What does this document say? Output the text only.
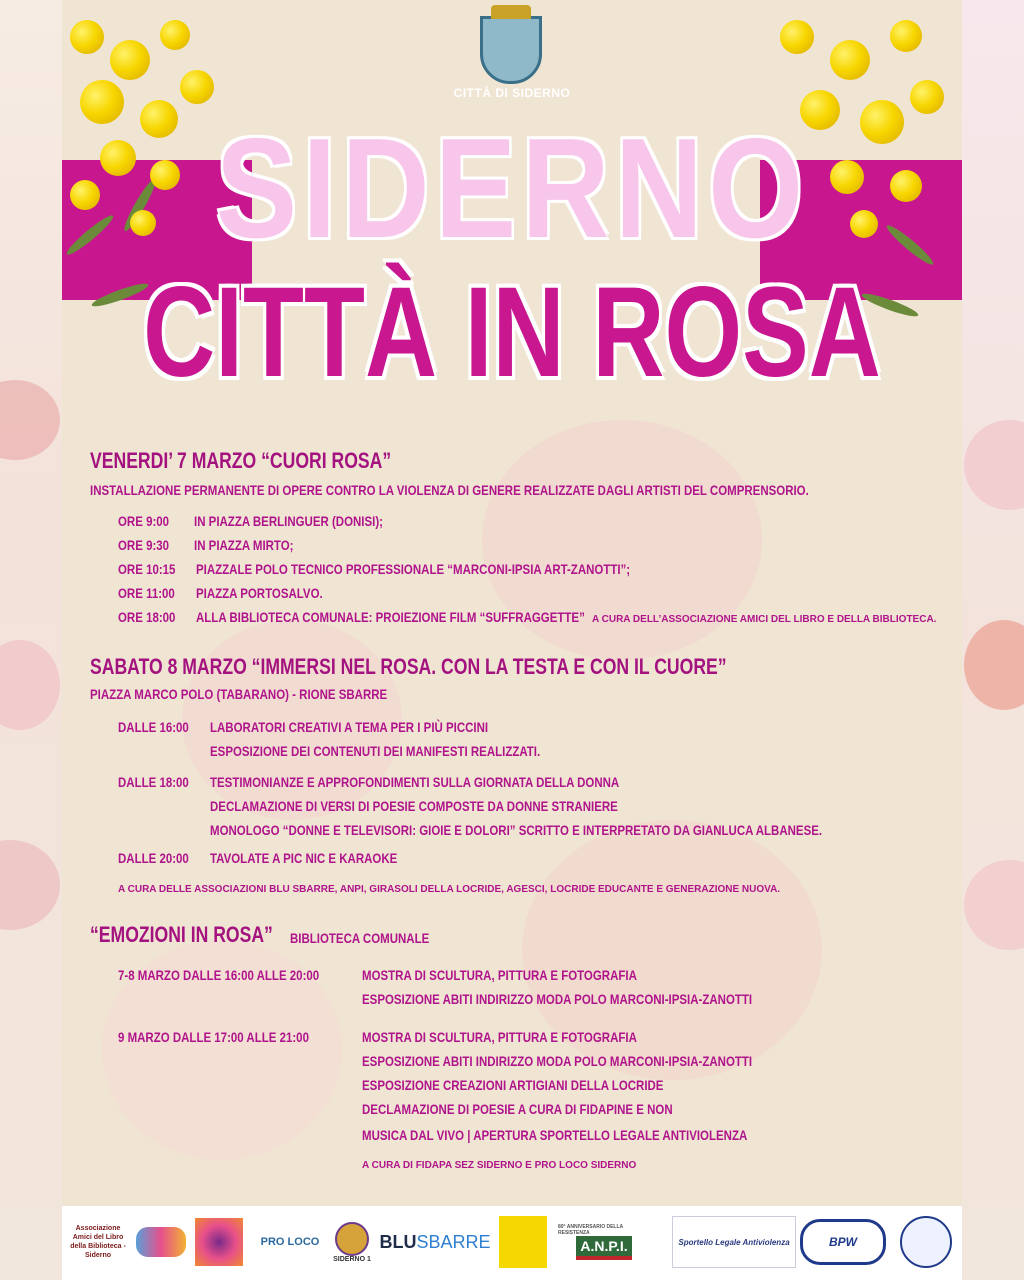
CITTÀ DI SIDERNO
SIDERNO
CITTÀ IN ROSA
VENERDI’ 7 MARZO “CUORI ROSA”
INSTALLAZIONE PERMANENTE DI OPERE CONTRO LA VIOLENZA DI GENERE REALIZZATE DAGLI ARTISTI DEL COMPRENSORIO.
ORE 9:00 IN PIAZZA BERLINGUER (DONISI);
ORE 9:30 IN PIAZZA MIRTO;
ORE 10:15 PIAZZALE POLO TECNICO PROFESSIONALE “MARCONI-IPSIA ART-ZANOTTI”;
ORE 11:00 PIAZZA PORTOSALVO.
ORE 18:00 ALLA BIBLIOTECA COMUNALE: PROIEZIONE FILM “SUFFRAGGETTE” A CURA DELL’ASSOCIAZIONE AMICI DEL LIBRO E DELLA BIBLIOTECA.
SABATO 8 MARZO “IMMERSI NEL ROSA. CON LA TESTA E CON IL CUORE”
PIAZZA MARCO POLO (TABARANO) - RIONE SBARRE
DALLE 16:00 LABORATORI CREATIVI A TEMA PER I PIÙ PICCINI
ESPOSIZIONE DEI CONTENUTI DEI MANIFESTI REALIZZATI.
DALLE 18:00 TESTIMONIANZE E APPROFONDIMENTI SULLA GIORNATA DELLA DONNA
DECLAMAZIONE DI VERSI DI POESIE COMPOSTE DA DONNE STRANIERE
MONOLOGO “DONNE E TELEVISORI: GIOIE E DOLORI” SCRITTO E INTERPRETATO DA GIANLUCA ALBANESE.
DALLE 20:00 TAVOLATE A PIC NIC E KARAOKE
A CURA DELLE ASSOCIAZIONI BLU SBARRE, ANPI, GIRASOLI DELLA LOCRIDE, AGESCI, LOCRIDE EDUCANTE E GENERAZIONE NUOVA.
“EMOZIONI IN ROSA” BIBLIOTECA COMUNALE
7-8 MARZO DALLE 16:00 ALLE 20:00	MOSTRA DI SCULTURA, PITTURA E FOTOGRAFIA
ESPOSIZIONE ABITI INDIRIZZO MODA POLO MARCONI-IPSIA-ZANOTTI
9 MARZO DALLE 17:00 ALLE 21:00	MOSTRA DI SCULTURA, PITTURA E FOTOGRAFIA
ESPOSIZIONE ABITI INDIRIZZO MODA POLO MARCONI-IPSIA-ZANOTTI
ESPOSIZIONE CREAZIONI ARTIGIANI DELLA LOCRIDE
DECLAMAZIONE DI POESIE A CURA DI FIDAPINE E NON
MUSICA DAL VIVO | APERTURA SPORTELLO LEGALE ANTIVIOLENZA
A CURA DI FIDAPA SEZ SIDERNO E PRO LOCO SIDERNO
Associazione Amici del Libro della Biblioteca - Siderno
PRO LOCO
SIDERNO 1
BLU SBARRE
80° ANNIVERSARIO DELLA RESISTENZA
A.N.P.I.	Sportello Legale Antiviolenza	BPW
